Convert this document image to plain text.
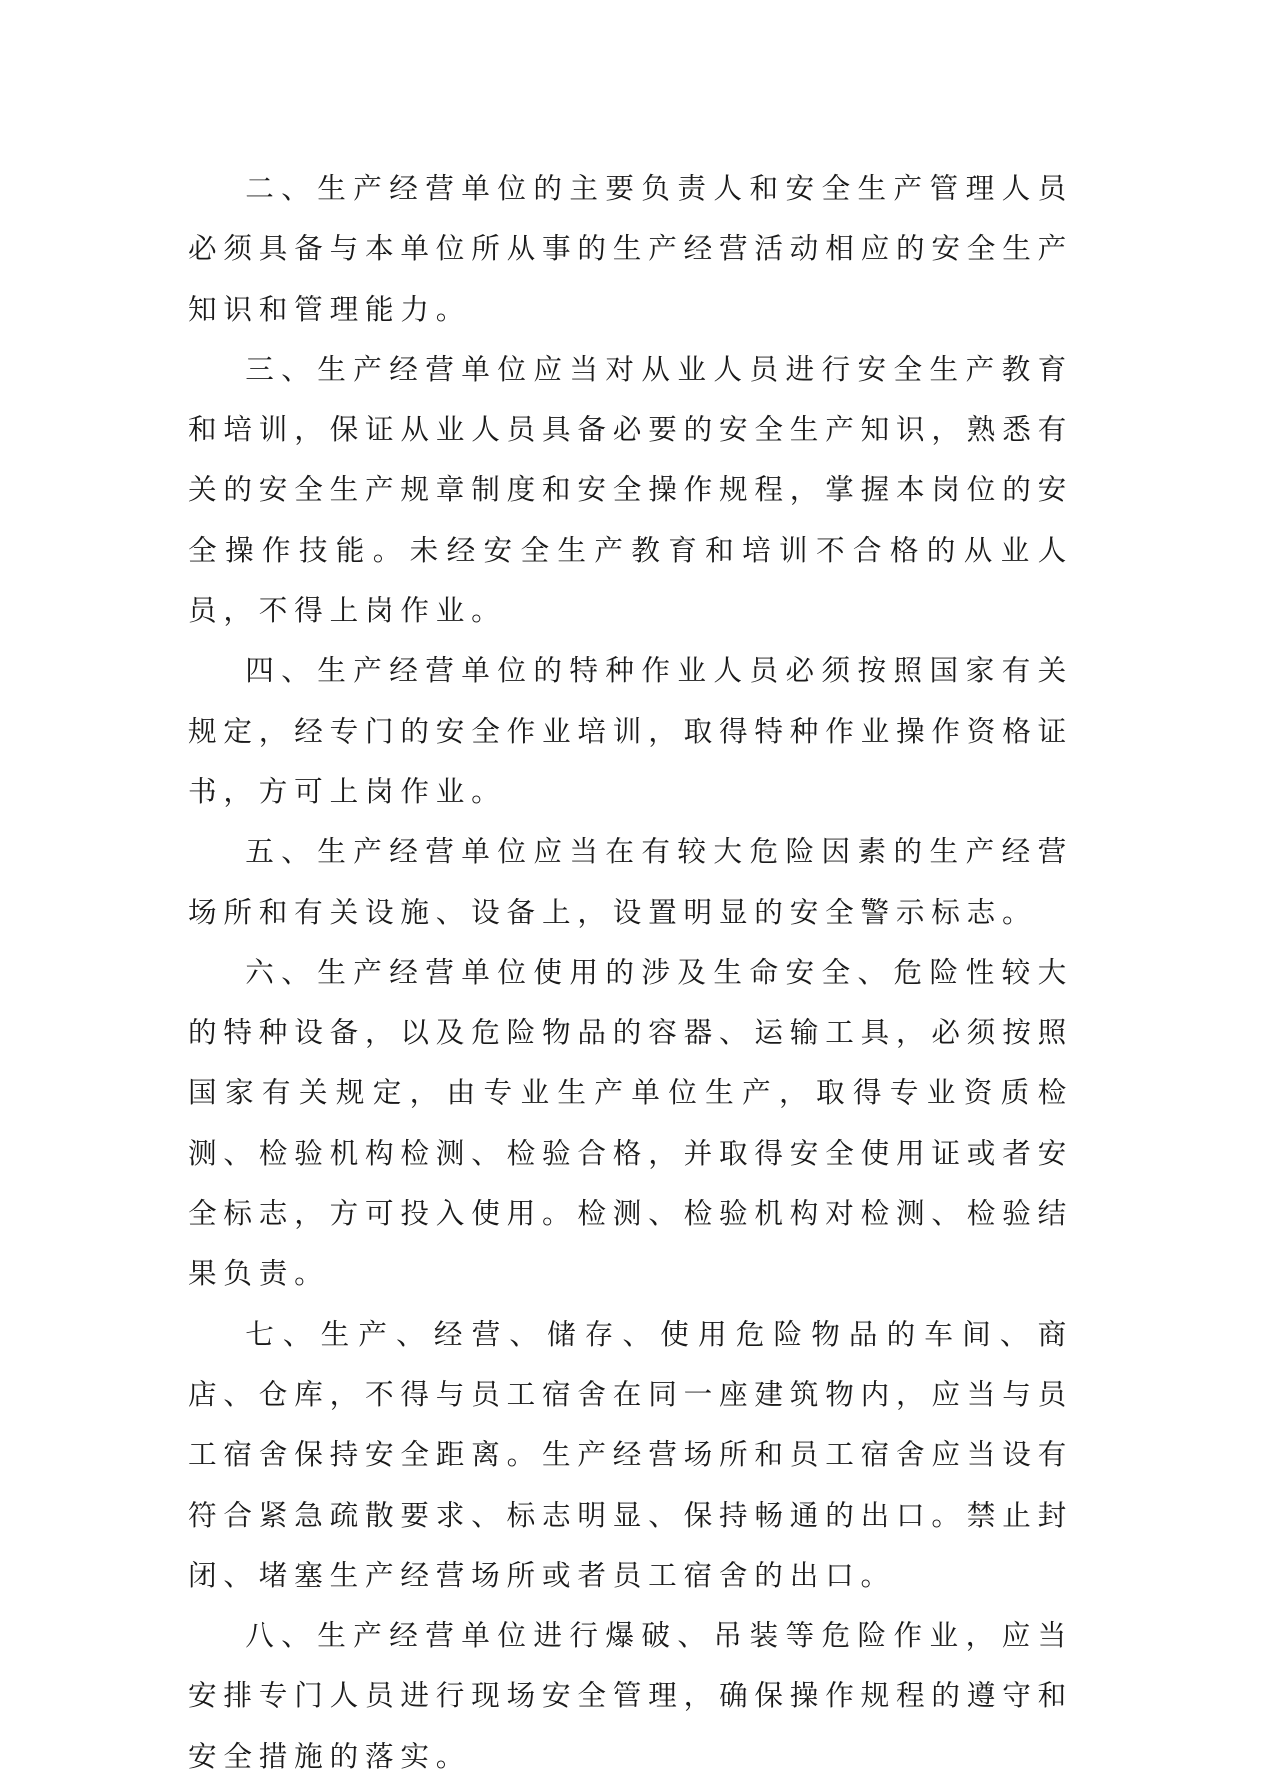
二、生产经营单位的主要负责人和安全生产管理人员必须具备与本单位所从事的生产经营活动相应的安全生产知识和管理能力。

三、生产经营单位应当对从业人员进行安全生产教育和培训，保证从业人员具备必要的安全生产知识，熟悉有关的安全生产规章制度和安全操作规程，掌握本岗位的安全操作技能。未经安全生产教育和培训不合格的从业人员，不得上岗作业。

四、生产经营单位的特种作业人员必须按照国家有关规定，经专门的安全作业培训，取得特种作业操作资格证书，方可上岗作业。

五、生产经营单位应当在有较大危险因素的生产经营场所和有关设施、设备上，设置明显的安全警示标志。

六、生产经营单位使用的涉及生命安全、危险性较大的特种设备，以及危险物品的容器、运输工具，必须按照国家有关规定，由专业生产单位生产，取得专业资质检测、检验机构检测、检验合格，并取得安全使用证或者安全标志，方可投入使用。检测、检验机构对检测、检验结果负责。

七、生产、经营、储存、使用危险物品的车间、商店、仓库，不得与员工宿舍在同一座建筑物内，应当与员工宿舍保持安全距离。生产经营场所和员工宿舍应当设有符合紧急疏散要求、标志明显、保持畅通的出口。禁止封闭、堵塞生产经营场所或者员工宿舍的出口。

八、生产经营单位进行爆破、吊装等危险作业，应当安排专门人员进行现场安全管理，确保操作规程的遵守和安全措施的落实。
